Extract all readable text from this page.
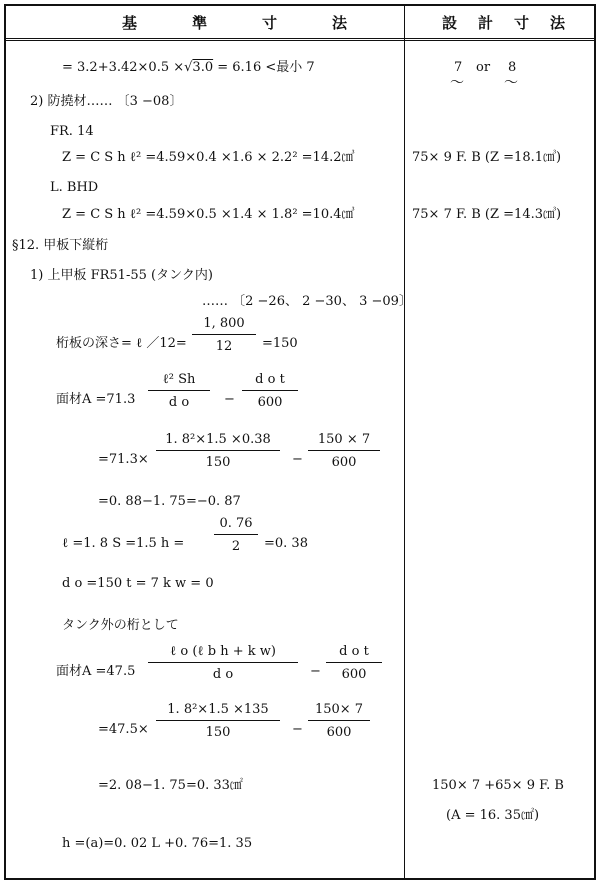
基	準	寸	法	設 計 寸 法
= 3.2+3.42×0.5 ×√3.0 = 6.16 <最小 7	7 or 8
〜	〜
2) 防撓材…… 〔3 −08〕
FR. 14
Z = C S h ℓ² =4.59×0.4 ×1.6 × 2.2² =14.2㎤	75× 9 F. B (Z =18.1㎤)
L. BHD
Z = C S h ℓ² =4.59×0.5 ×1.4 × 1.8² =10.4㎤	75× 7 F. B (Z =14.3㎤)
§12. 甲板下縦桁
1) 上甲板 FR51-55 (タンク内)
…… 〔2 −26、 2 −30、 3 −09〕
桁板の深さ= ℓ ／12=
1, 800
12	=150
面材A =71.3
ℓ² Sh
d o	−
d o t
600
=71.3×
1. 8²×1.5 ×0.38
150	−
150 × 7
600
=0. 88−1. 75=−0. 87
ℓ =1. 8 S =1.5 h =
0. 76
2	=0. 38
d o =150 t = 7 k w = 0
タンク外の桁として
面材A =47.5
ℓ o (ℓ b h + k w)
d o	−
d o t
600
=47.5×
1. 8²×1.5 ×135
150	−
150× 7
600
=2. 08−1. 75=0. 33㎠	150× 7 +65× 9 F. B
(A = 16. 35㎠)
h =(a)=0. 02 L +0. 76=1. 35
